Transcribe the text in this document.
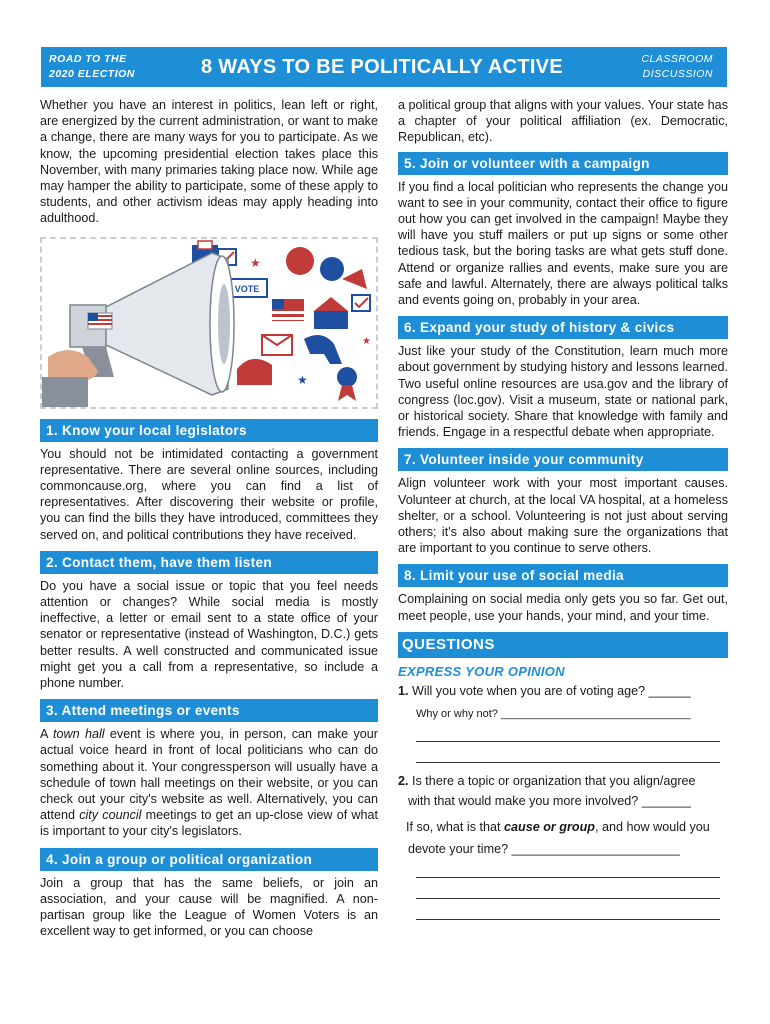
ROAD TO THE
2020 ELECTION	8 WAYS TO BE POLITICALLY ACTIVE	CLASSROOM
DISCUSSION

Whether you have an interest in politics, lean left or right, are energized by the current administration, or want to make a change, there are many ways for you to participate. As we know, the upcoming presidential election takes place this November, with many primaries taking place now. While age may hamper the ability to participate, some of these apply to students, and other activism ideas may apply heading into adulthood.

VOTE
★
★
★
1. Know your local legislators

You should not be intimidated contacting a government representative. There are several online sources, including commoncause.org, where you can find a list of representatives. After discovering their website or profile, you can find the bills they have introduced, committees they served on, and political contributions they have received.

2. Contact them, have them listen

Do you have a social issue or topic that you feel needs attention or changes? While social media is mostly ineffective, a letter or email sent to a state office of your senator or representative (instead of Washington, D.C.) gets better results. A well constructed and communicated issue might get you a call from a representative, so include a phone number.

3. Attend meetings or events

A town hall event is where you, in person, can make your actual voice heard in front of local politicians who can do something about it. Your congressperson will usually have a schedule of town hall meetings on their website, or you can check out your city's website as well. Alternatively, you can attend city council meetings to get an up-close view of what is important to your city's legislators.

4. Join a group or political organization

Join a group that has the same beliefs, or join an association, and your cause will be magnified. A non-partisan group like the League of Women Voters is an excellent way to get informed, or you can choose

a political group that aligns with your values. Your state has a chapter of your political affiliation (ex. Democratic, Republican, etc).

5. Join or volunteer with a campaign

If you find a local politician who represents the change you want to see in your community, contact their office to figure out how you can get involved in the campaign! Maybe they will have you stuff mailers or put up signs or some other tedious task, but the boring tasks are what gets stuff done. Attend or organize rallies and events, make sure you are safe and lawful. Alternately, there are always political talks and events going on, probably in your area.

6. Expand your study of history & civics

Just like your study of the Constitution, learn much more about government by studying history and lessons learned. Two useful online resources are usa.gov and the library of congress (loc.gov). Visit a museum, state or national park, or historical society. Share that knowledge with family and friends. Engage in a respectful debate when appropriate.

7. Volunteer inside your community

Align volunteer work with your most important causes. Volunteer at church, at the local VA hospital, at a homeless shelter, or a school. Volunteering is not just about serving others; it's also about making sure the organizations that are important to you continue to serve others.

8. Limit your use of social media

Complaining on social media only gets you so far. Get out, meet people, use your hands, your mind, and your time.

QUESTIONS
EXPRESS YOUR OPINION
1. Will you vote when you are of voting age? ______
Why or why not? _______________________________
2. Is there a topic or organization that you align/agree
with that would make you more involved? _______
If so, what is that cause or group, and how would you
devote your time? ________________________
